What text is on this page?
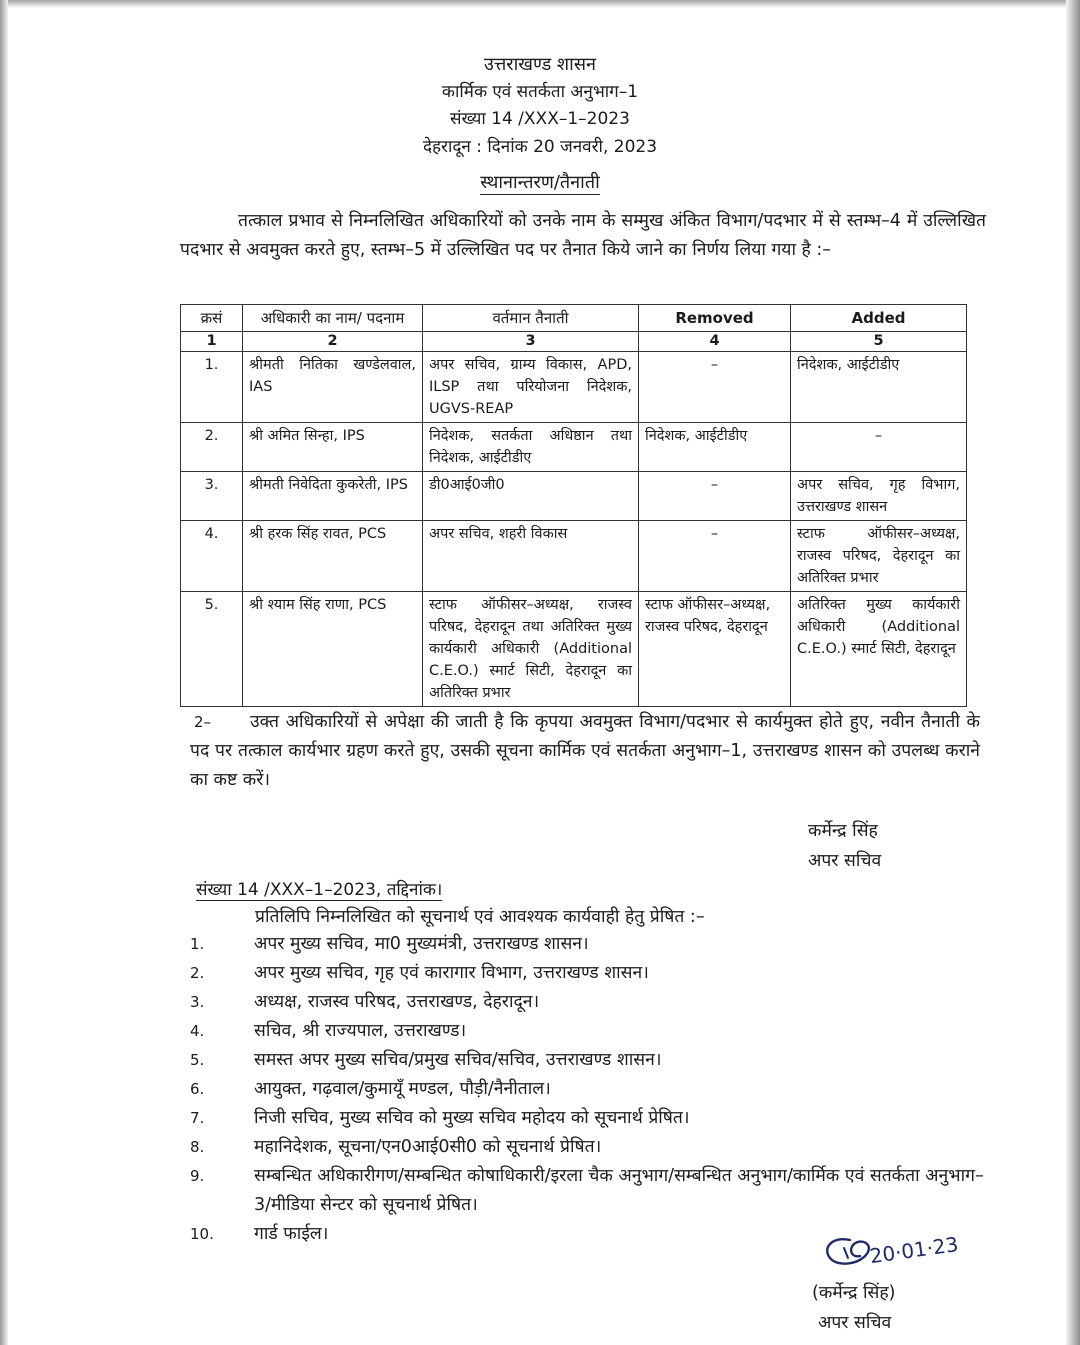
उत्तराखण्ड शासन
कार्मिक एवं सतर्कता अनुभाग–1
संख्या 14 /XXX–1–2023
देहरादून : दिनांक 20 जनवरी, 2023
स्थानान्तरण/तैनाती
तत्काल प्रभाव से निम्नलिखित अधिकारियों को उनके नाम के सम्मुख अंकित विभाग/पदभार में से स्तम्भ–4 में उल्लिखित पदभार से अवमुक्त करते हुए, स्तम्भ–5 में उल्लिखित पद पर तैनात किये जाने का निर्णय लिया गया है :–
क्रसं	अधिकारी का नाम/ पदनाम	वर्तमान तैनाती	Removed	Added
1	2	3	4	5
1.	श्रीमती नितिका खण्डेलवाल, IAS	अपर सचिव, ग्राम्य विकास, APD, ILSP तथा परियोजना निदेशक, UGVS-REAP	–	निदेशक, आईटीडीए
2.	श्री अमित सिन्हा, IPS	निदेशक, सतर्कता अधिष्ठान तथा निदेशक, आईटीडीए	निदेशक, आईटीडीए	–
3.	श्रीमती निवेदिता कुकरेती, IPS	डी0आई0जी0	–	अपर सचिव, गृह विभाग, उत्तराखण्ड शासन
4.	श्री हरक सिंह रावत, PCS	अपर सचिव, शहरी विकास	–	स्टाफ ऑफीसर–अध्यक्ष, राजस्व परिषद, देहरादून का अतिरिक्त प्रभार
5.	श्री श्याम सिंह राणा, PCS	स्टाफ ऑफीसर–अध्यक्ष, राजस्व परिषद, देहरादून तथा अतिरिक्त मुख्य कार्यकारी अधिकारी (Additional C.E.O.) स्मार्ट सिटी, देहरादून का अतिरिक्त प्रभार	स्टाफ ऑफीसर–अध्यक्ष, राजस्व परिषद, देहरादून	अतिरिक्त मुख्य कार्यकारी अधिकारी (Additional C.E.O.) स्मार्ट सिटी, देहरादून
2–	उक्त अधिकारियों से अपेक्षा की जाती है कि कृपया अवमुक्त विभाग/पदभार से कार्यमुक्त होते हुए, नवीन तैनाती के पद पर तत्काल कार्यभार ग्रहण करते हुए, उसकी सूचना कार्मिक एवं सतर्कता अनुभाग–1, उत्तराखण्ड शासन को उपलब्ध कराने का कष्ट करें।
कर्मेन्द्र सिंह
अपर सचिव
संख्या 14 /XXX–1–2023, तद्दिनांक।
प्रतिलिपि निम्नलिखित को सूचनार्थ एवं आवश्यक कार्यवाही हेतु प्रेषित :–
1.	अपर मुख्य सचिव, मा0 मुख्यमंत्री, उत्तराखण्ड शासन।
2.	अपर मुख्य सचिव, गृह एवं कारागार विभाग, उत्तराखण्ड शासन।
3.	अध्यक्ष, राजस्व परिषद, उत्तराखण्ड, देहरादून।
4.	सचिव, श्री राज्यपाल, उत्तराखण्ड।
5.	समस्त अपर मुख्य सचिव/प्रमुख सचिव/सचिव, उत्तराखण्ड शासन।
6.	आयुक्त, गढ़वाल/कुमायूँ मण्डल, पौड़ी/नैनीताल।
7.	निजी सचिव, मुख्य सचिव को मुख्य सचिव महोदय को सूचनार्थ प्रेषित।
8.	महानिदेशक, सूचना/एन0आई0सी0 को सूचनार्थ प्रेषित।
9.	सम्बन्धित अधिकारीगण/सम्बन्धित कोषाधिकारी/इरला चैक अनुभाग/सम्बन्धित अनुभाग/कार्मिक एवं सतर्कता अनुभाग–3/मीडिया सेन्टर को सूचनार्थ प्रेषित।
10.	गार्ड फाईल।	20·01·23
(कर्मेन्द्र सिंह)
अपर सचिव
